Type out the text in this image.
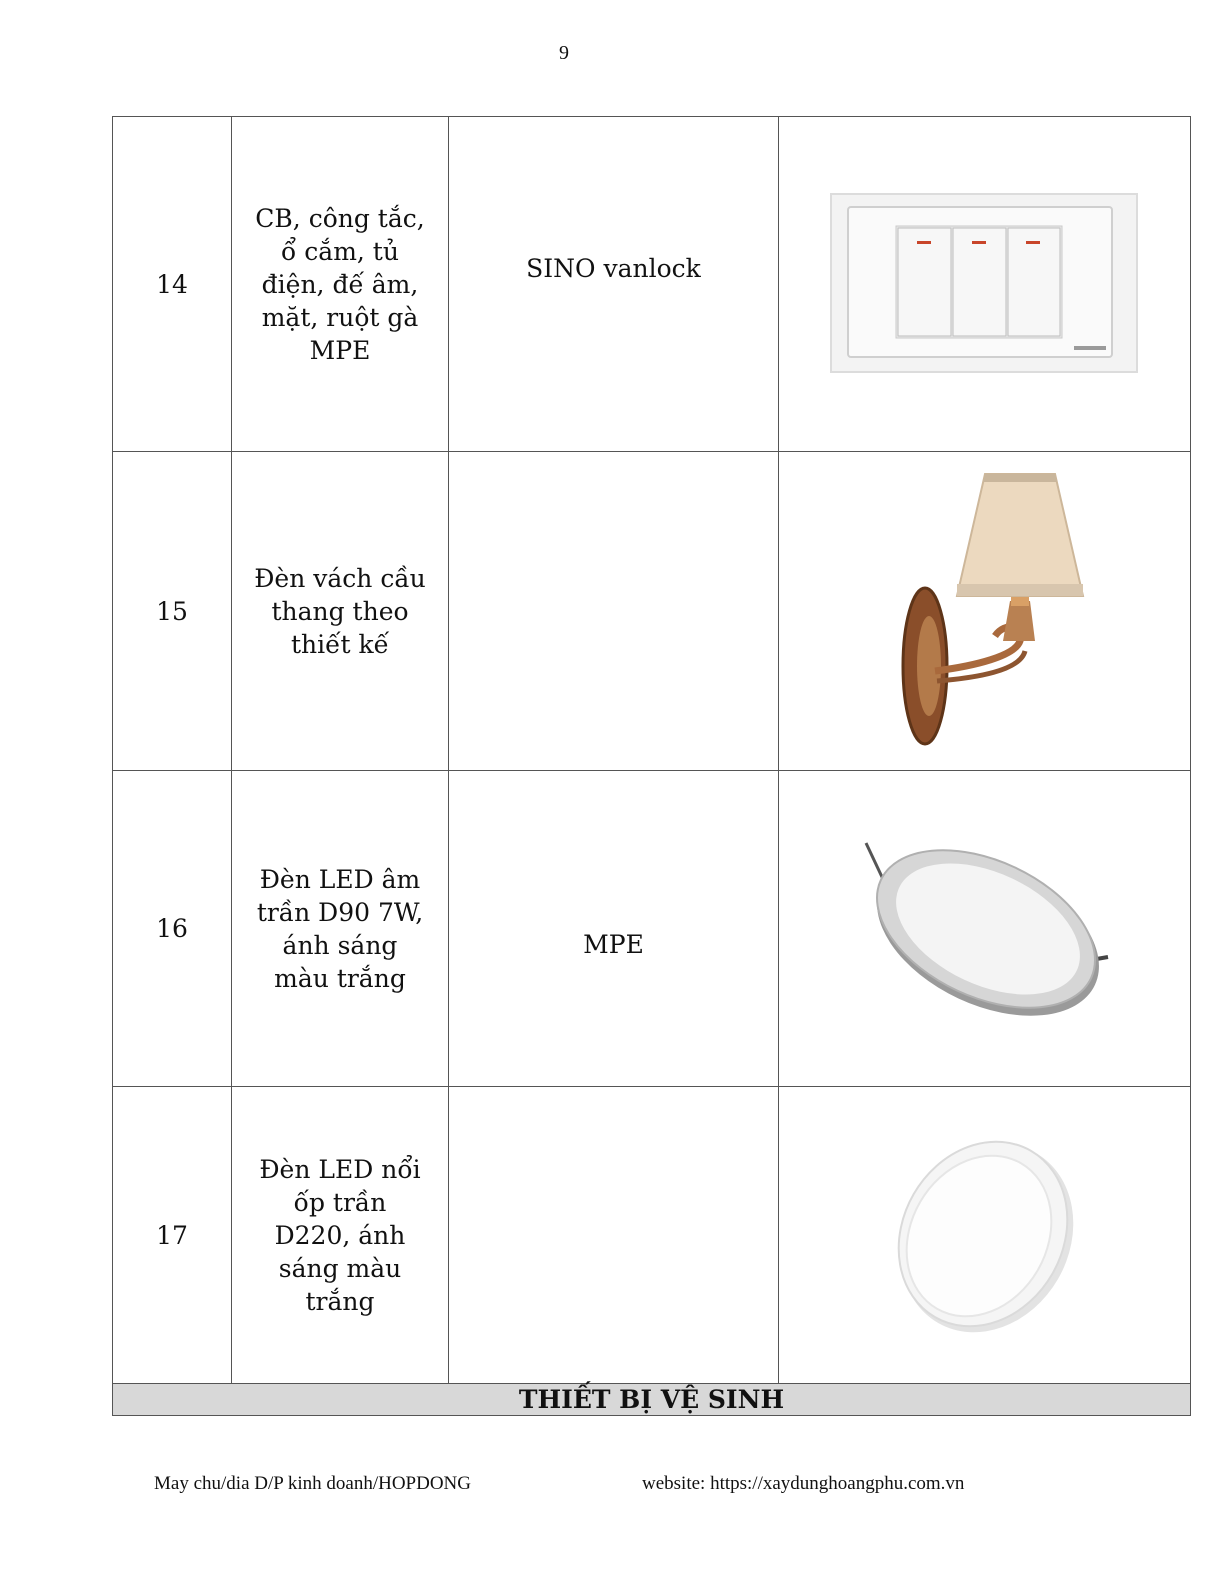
9
14	CB, công tắc, ổ cắm, tủ điện, đế âm, mặt, ruột gà MPE	SINO vanlock	

15	Đèn vách cầu thang theo thiết kế		

16	Đèn LED âm trần D90 7W, ánh sáng màu trắng	MPE	

17	Đèn LED nổi ốp trần D220, ánh sáng màu trắng		

THIẾT BỊ VỆ SINH			
May chu/dia D/P kinh doanh/HOPDONG	website: https://xaydunghoangphu.com.vn
